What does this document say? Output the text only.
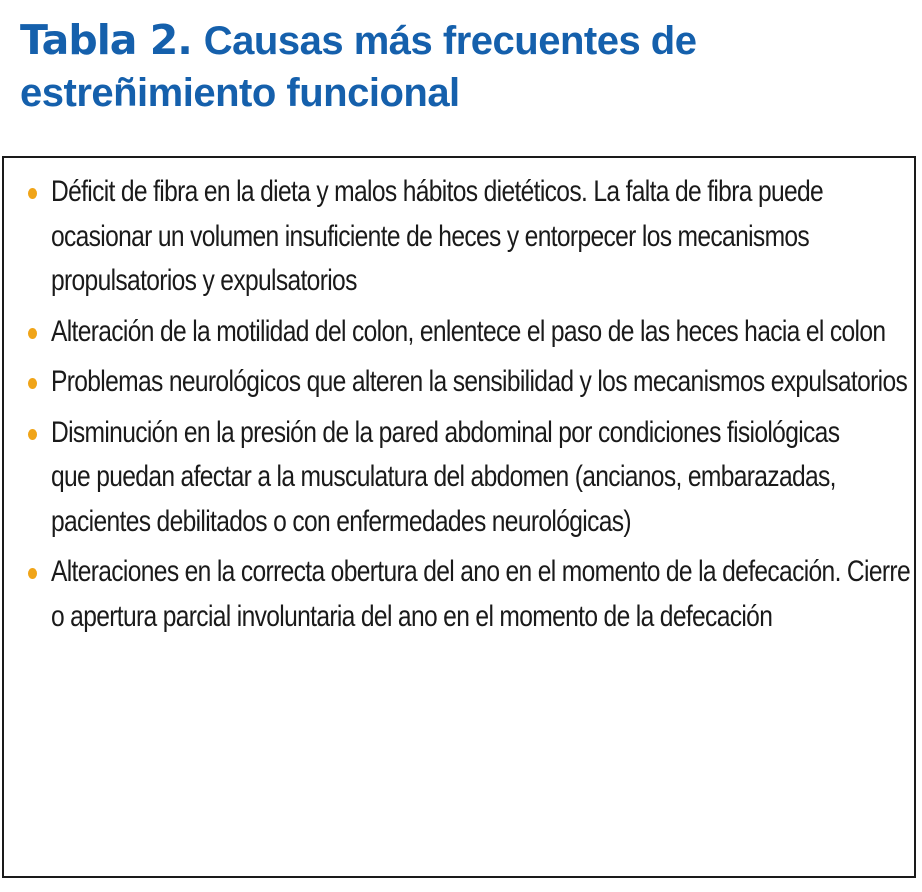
Tabla 2. Causas más frecuentes de estreñimiento funcional
Déficit de fibra en la dieta y malos hábitos dietéticos. La falta de fibra puede ocasionar un volumen insuficiente de heces y entorpecer los mecanismos propulsatorios y expulsatorios
Alteración de la motilidad del colon, enlentece el paso de las heces hacia el colon
Problemas neurológicos que alteren la sensibilidad y los mecanismos expulsatorios
Disminución en la presión de la pared abdominal por condiciones fisiológicas que puedan afectar a la musculatura del abdomen (ancianos, embarazadas, pacientes debilitados o con enfermedades neurológicas)
Alteraciones en la correcta obertura del ano en el momento de la defecación. Cierre o apertura parcial involuntaria del ano en el momento de la defecación
